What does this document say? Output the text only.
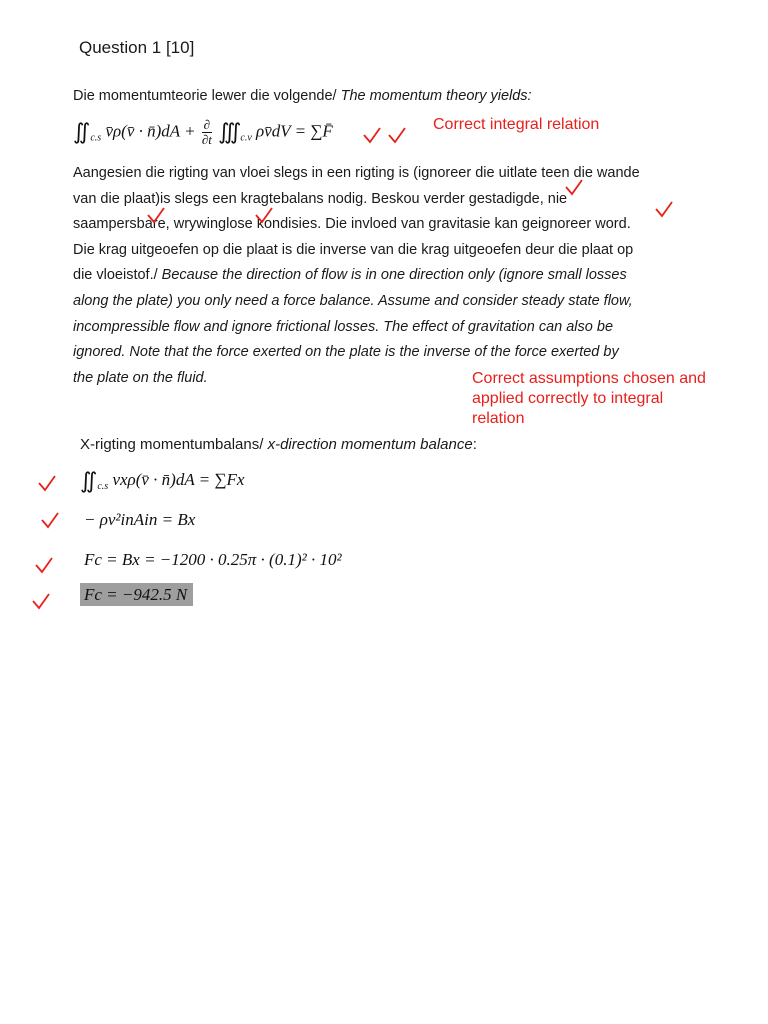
Question 1 [10]
Die momentumteorie lewer die volgende/ The momentum theory yields:
∬ $_{c.s}$ v̄ρ(v̄ · n̄)dA + ∂
∂t ∭ $_{c.v}$ ρv̄dV = ∑F̄	Correct integral relation
Aangesien die rigting van vloei slegs in een rigting is (ignoreer die uitlate teen die wande
van die plaat)is slegs een kragtebalans nodig. Beskou verder gestadigde, nie
saampersbare, wrywinglose kondisies. Die invloed van gravitasie kan geignoreer word.
Die krag uitgeoefen op die plaat is die inverse van die krag uitgeoefen deur die plaat op
die vloeistof./ Because the direction of flow is in one direction only (ignore small losses
along the plate) you only need a force balance. Assume and consider steady state flow,
incompressible flow and ignore frictional losses. The effect of gravitation can also be
ignored. Note that the force exerted on the plate is the inverse of the force exerted by
the plate on the fluid.	Correct assumptions chosen and
applied correctly to integral
relation
X-rigting momentumbalans/ x-direction momentum balance:
∬ $_{c.s}$ vxρ(v̄ · n̄)dA = ∑Fx
− ρv²inAin = Bx
Fc = Bx = −1200 · 0.25π · (0.1)² · 10²
Fc = −942.5 N
